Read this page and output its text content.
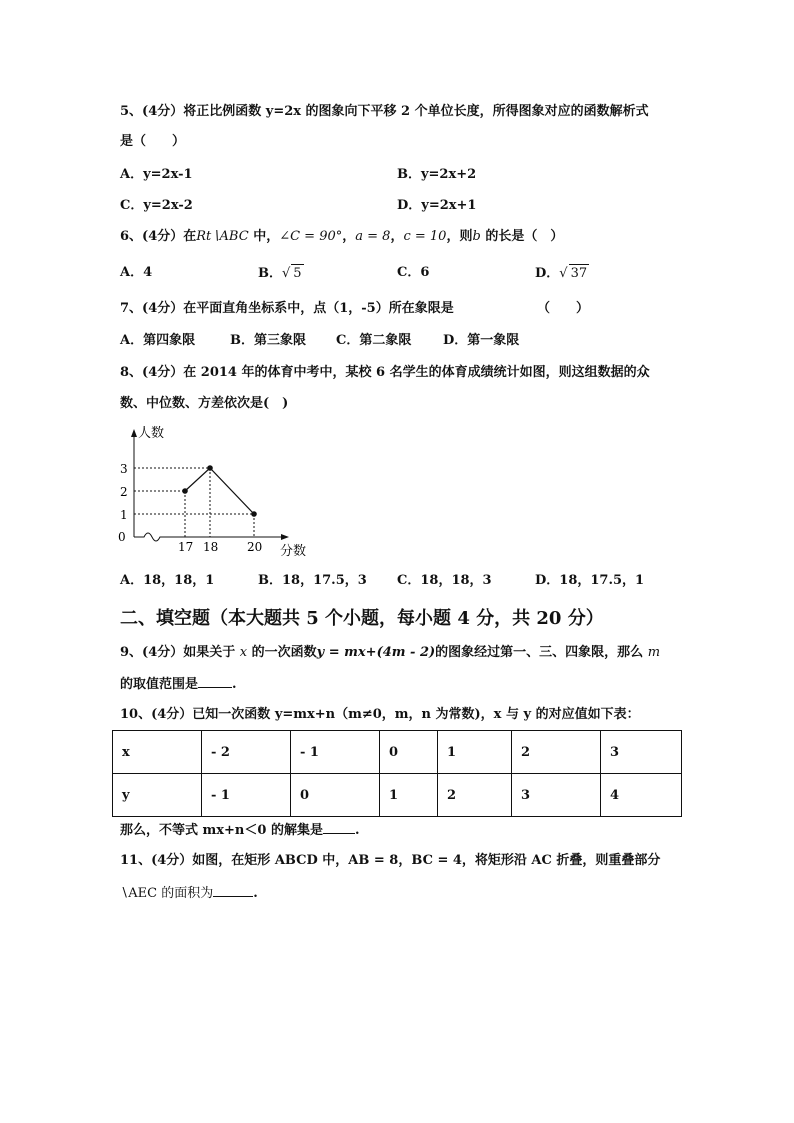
5、(4分）将正比例函数 y=2x 的图象向下平移 2 个单位长度，所得图象对应的函数解析式
是（　　）
A．y=2x-1	B．y=2x+2
C．y=2x-2	D．y=2x+1
6、(4分）在Rt∖ABC 中，∠C = 90°，a = 8，c = 10，则b 的长是（　）
A．4	B．√ 5	C．6	D．√ 37
7、(4分）在平面直角坐标系中，点（1，-5）所在象限是	（　　）
A．第四象限	B．第三象限 C．第二象限 D．第一象限
8、(4分）在 2014 年的体育中考中，某校 6 名学生的体育成绩统计如图，则这组数据的众
数、中位数、方差依次是(　)
人数
分数
0
1
2
3
17 18 20
A．18，18，1	B．18，17.5，3 C．18，18，3	D．18，17.5，1
二、填空题（本大题共 5 个小题，每小题 4 分，共 20 分）
9、(4分）如果关于 x 的一次函数y = mx+(4m - 2)的图象经过第一、三、四象限，那么 m
的取值范围是	.
10、(4分）已知一次函数 y=mx+n（m≠0，m，n 为常数)，x 与 y 的对应值如下表：
x	- 2	- 1	0	1	2	3
y	- 1	0	1	2	3	4
那么，不等式 mx+n＜0 的解集是 .
11、(4分）如图，在矩形 ABCD 中，AB = 8，BC = 4，将矩形沿 AC 折叠，则重叠部分
∖AEC 的面积为	.
